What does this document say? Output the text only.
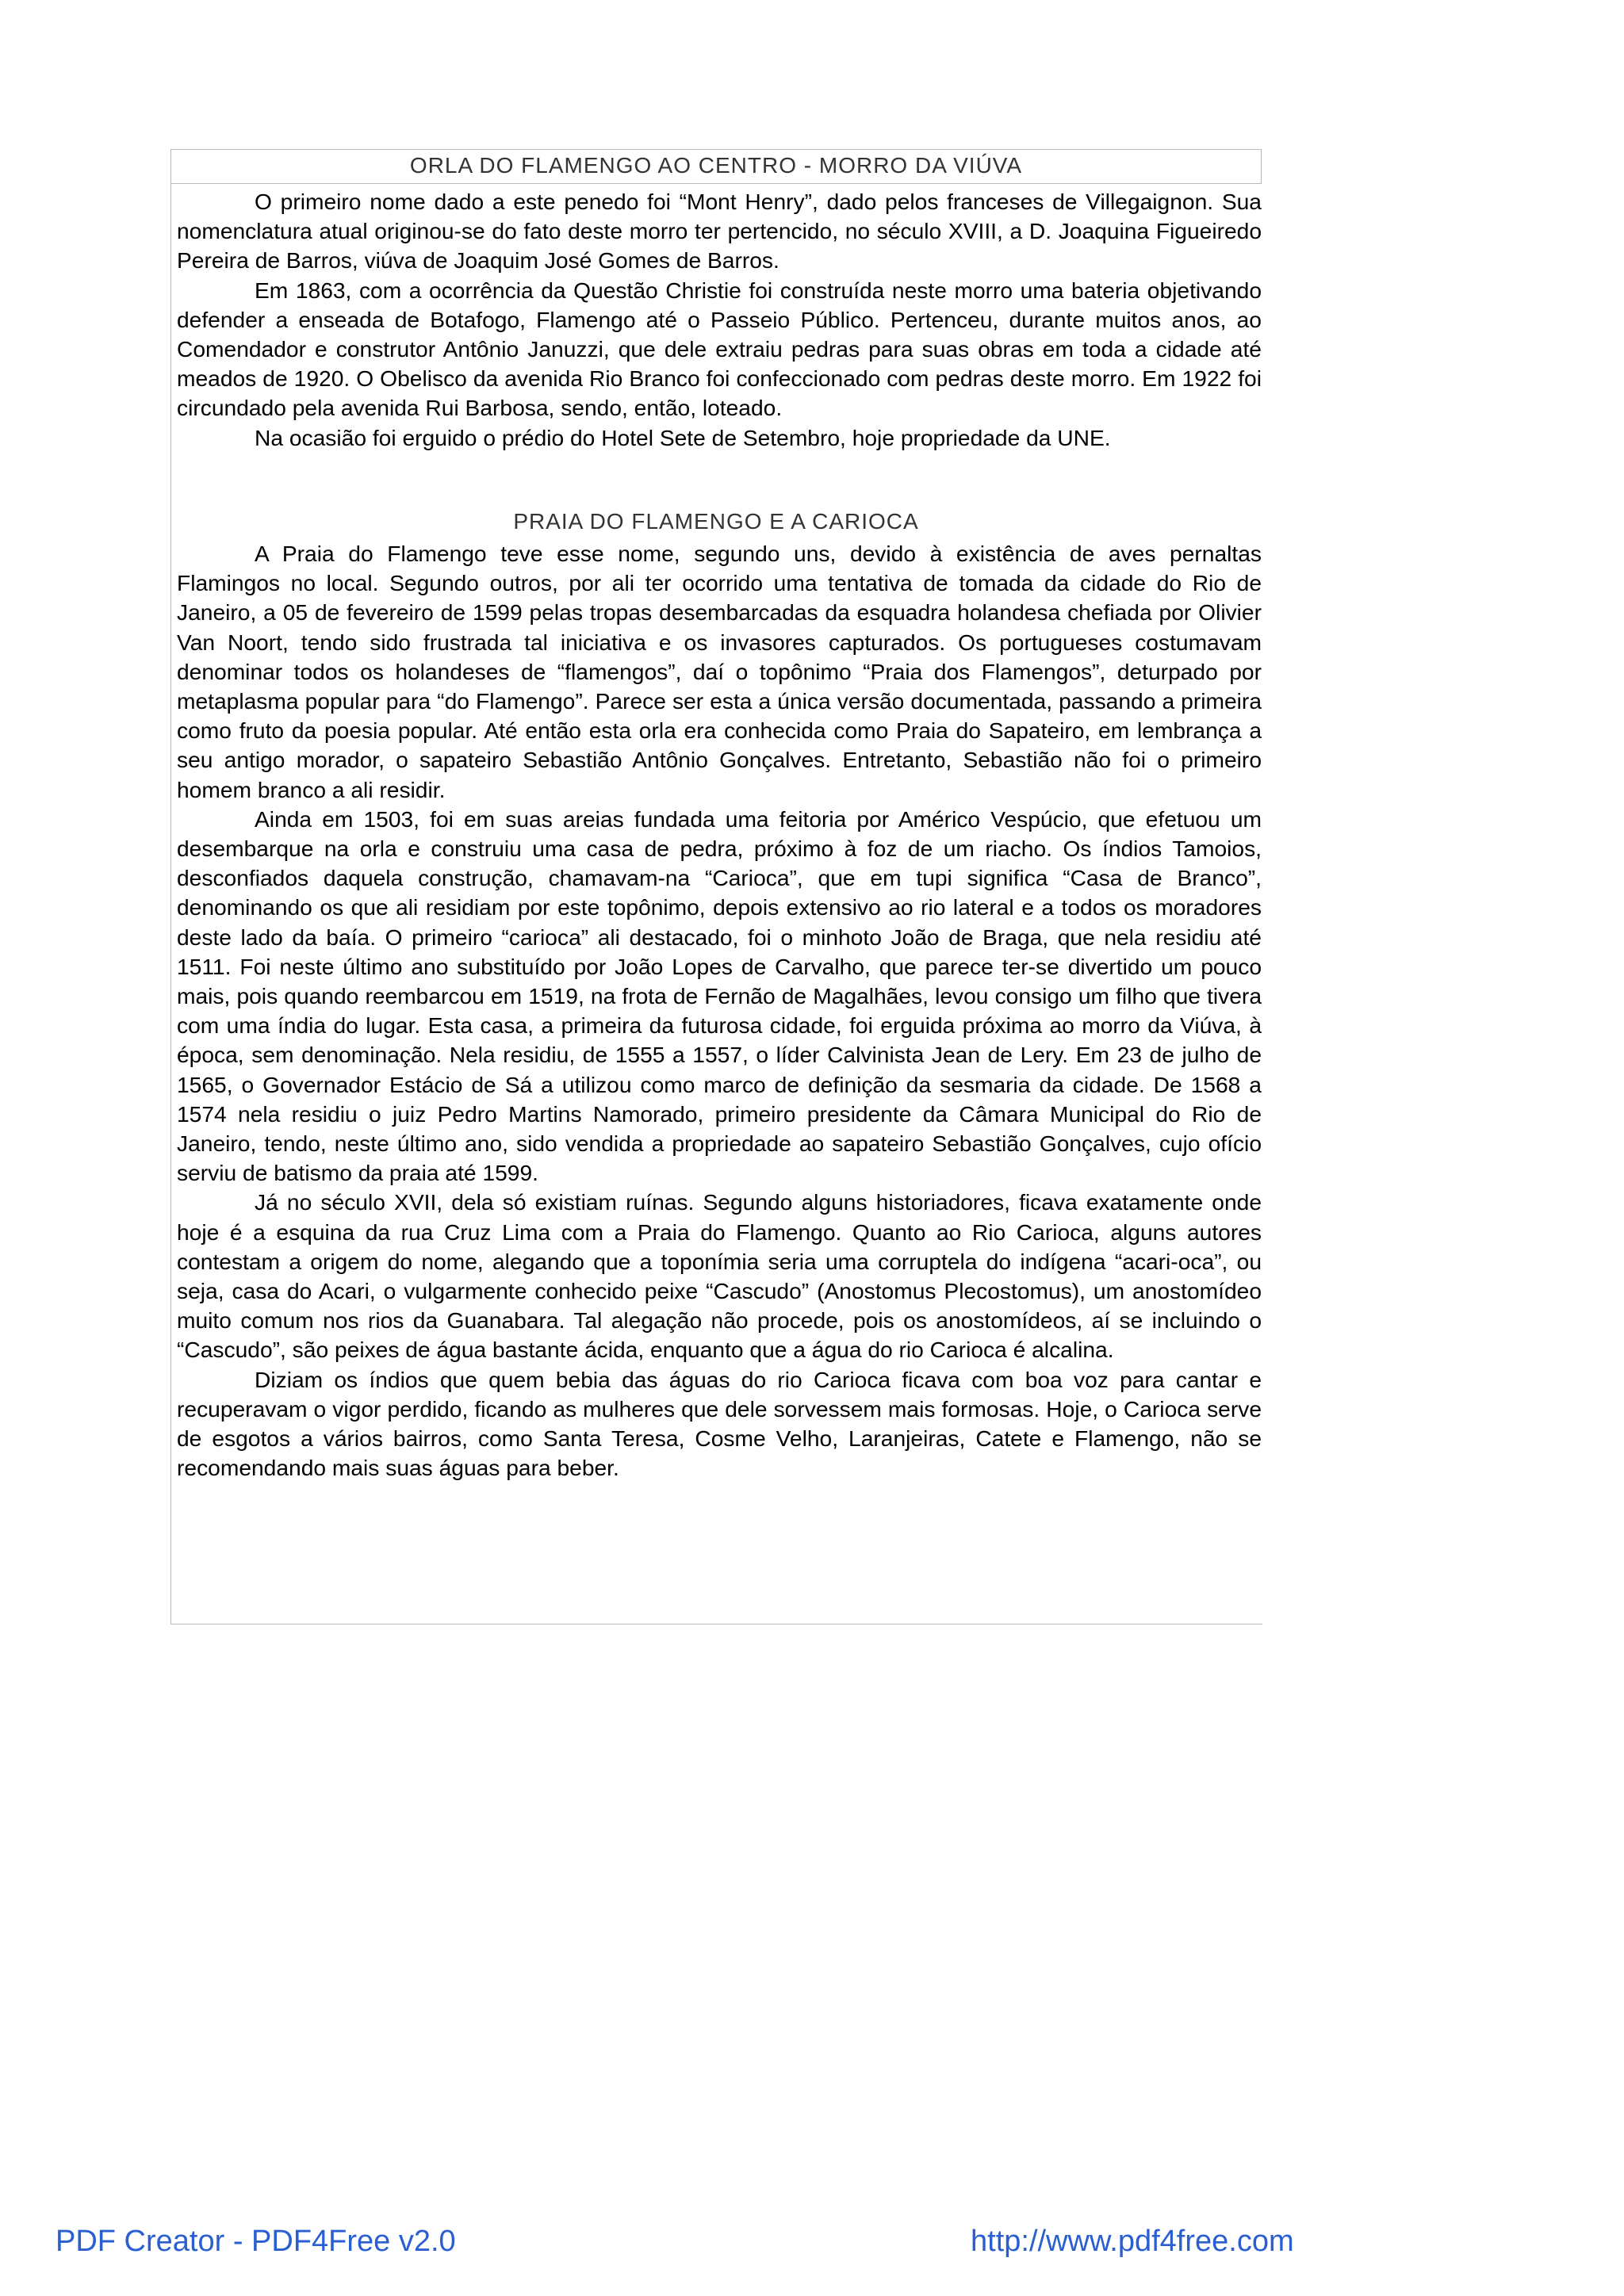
ORLA DO FLAMENGO AO CENTRO - MORRO DA VIÚVA

O primeiro nome dado a este penedo foi “Mont Henry”, dado pelos franceses de Villegaignon. Sua nomenclatura atual originou-se do fato deste morro ter pertencido, no século XVIII, a D. Joaquina Figueiredo Pereira de Barros, viúva de Joaquim José Gomes de Barros.

Em 1863, com a ocorrência da Questão Christie foi construída neste morro uma bateria objetivando defender a enseada de Botafogo, Flamengo até o Passeio Público. Pertenceu, durante muitos anos, ao Comendador e construtor Antônio Januzzi, que dele extraiu pedras para suas obras em toda a cidade até meados de 1920. O Obelisco da avenida Rio Branco foi confeccionado com pedras deste morro. Em 1922 foi circundado pela avenida Rui Barbosa, sendo, então, loteado.

Na ocasião foi erguido o prédio do Hotel Sete de Setembro, hoje propriedade da UNE.

PRAIA DO FLAMENGO E A CARIOCA

A Praia do Flamengo teve esse nome, segundo uns, devido à existência de aves pernaltas Flamingos no local. Segundo outros, por ali ter ocorrido uma tentativa de tomada da cidade do Rio de Janeiro, a 05 de fevereiro de 1599 pelas tropas desembarcadas da esquadra holandesa chefiada por Olivier Van Noort, tendo sido frustrada tal iniciativa e os invasores capturados. Os portugueses costumavam denominar todos os holandeses de “flamengos”, daí o topônimo “Praia dos Flamengos”, deturpado por metaplasma popular para “do Flamengo”. Parece ser esta a única versão documentada, passando a primeira como fruto da poesia popular. Até então esta orla era conhecida como Praia do Sapateiro, em lembrança a seu antigo morador, o sapateiro Sebastião Antônio Gonçalves. Entretanto, Sebastião não foi o primeiro homem branco a ali residir.

Ainda em 1503, foi em suas areias fundada uma feitoria por Américo Vespúcio, que efetuou um desembarque na orla e construiu uma casa de pedra, próximo à foz de um riacho. Os índios Tamoios, desconfiados daquela construção, chamavam-na “Carioca”, que em tupi significa “Casa de Branco”, denominando os que ali residiam por este topônimo, depois extensivo ao rio lateral e a todos os moradores deste lado da baía. O primeiro “carioca” ali destacado, foi o minhoto João de Braga, que nela residiu até 1511. Foi neste último ano substituído por João Lopes de Carvalho, que parece ter-se divertido um pouco mais, pois quando reembarcou em 1519, na frota de Fernão de Magalhães, levou consigo um filho que tivera com uma índia do lugar. Esta casa, a primeira da futurosa cidade, foi erguida próxima ao morro da Viúva, à época, sem denominação. Nela residiu, de 1555 a 1557, o líder Calvinista Jean de Lery. Em 23 de julho de 1565, o Governador Estácio de Sá a utilizou como marco de definição da sesmaria da cidade. De 1568 a 1574 nela residiu o juiz Pedro Martins Namorado, primeiro presidente da Câmara Municipal do Rio de Janeiro, tendo, neste último ano, sido vendida a propriedade ao sapateiro Sebastião Gonçalves, cujo ofício serviu de batismo da praia até 1599.

Já no século XVII, dela só existiam ruínas. Segundo alguns historiadores, ficava exatamente onde hoje é a esquina da rua Cruz Lima com a Praia do Flamengo. Quanto ao Rio Carioca, alguns autores contestam a origem do nome, alegando que a toponímia seria uma corruptela do indígena “acari-oca”, ou seja, casa do Acari, o vulgarmente conhecido peixe “Cascudo” (Anostomus Plecostomus), um anostomídeo muito comum nos rios da Guanabara. Tal alegação não procede, pois os anostomídeos, aí se incluindo o “Cascudo”, são peixes de água bastante ácida, enquanto que a água do rio Carioca é alcalina.

Diziam os índios que quem bebia das águas do rio Carioca ficava com boa voz para cantar e recuperavam o vigor perdido, ficando as mulheres que dele sorvessem mais formosas. Hoje, o Carioca serve de esgotos a vários bairros, como Santa Teresa, Cosme Velho, Laranjeiras, Catete e Flamengo, não se recomendando mais suas águas para beber.

PDF Creator - PDF4Free v2.0	http://www.pdf4free.com
